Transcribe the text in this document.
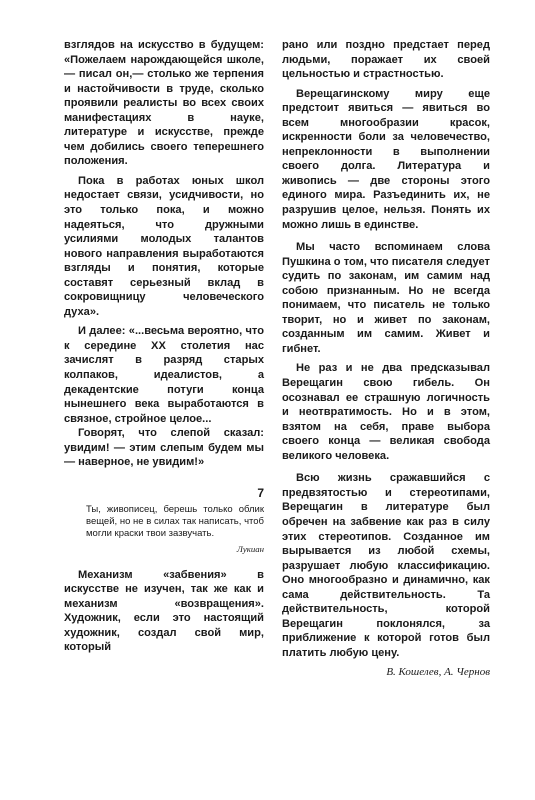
взглядов на искусство в будущем: «Пожелаем нарождающейся школе,— писал он,— столько же терпения и настойчивости в труде, сколько проявили реалисты во всех своих манифестациях в науке, литературе и искусстве, прежде чем добились своего теперешнего положения.

Пока в работах юных школ недостает связи, усидчивости, но это только пока, и можно надеяться, что дружными усилиями молодых талантов нового направления выработаются взгляды и понятия, которые составят серьезный вклад в сокровищницу человеческого духа».

И далее: «...весьма вероятно, что к середине XX столетия нас зачислят в разряд старых колпаков, идеалистов, а декадентские потуги конца нынешнего века выработаются в связное, стройное целое...

Говорят, что слепой сказал: увидим! — этим слепым будем мы — наверное, не увидим!»

7
Ты, живописец, берешь только облик вещей, но не в силах так написать, чтоб могли краски твои зазвучать.
Лукиан

Механизм «забвения» в искусстве не изучен, так же как и механизм «возвращения». Художник, если это настоящий художник, создал свой мир, который

рано или поздно предстает перед людьми, поражает их своей цельностью и страстностью.

Верещагинскому миру еще предстоит явиться — явиться во всем многообразии красок, искренности боли за человечество, непреклонности в выполнении своего долга. Литература и живопись — две стороны этого единого мира. Разъединить их, не разрушив целое, нельзя. Понять их можно лишь в единстве.

Мы часто вспоминаем слова Пушкина о том, что писателя следует судить по законам, им самим над собою признанным. Но не всегда понимаем, что писатель не только творит, но и живет по законам, созданным им самим. Живет и гибнет.

Не раз и не два предсказывал Верещагин свою гибель. Он осознавал ее страшную логичность и неотвратимость. Но и в этом, взятом на себя, праве выбора своего конца — великая свобода великого человека.

Всю жизнь сражавшийся с предвзятостью и стереотипами, Верещагин в литературе был обречен на забвение как раз в силу этих стереотипов. Созданное им вырывается из любой схемы, разрушает любую классификацию. Оно многообразно и динамично, как сама действительность. Та действительность, которой Верещагин поклонялся, за приближение к которой готов был платить любую цену.

В. Кошелев, А. Чернов
